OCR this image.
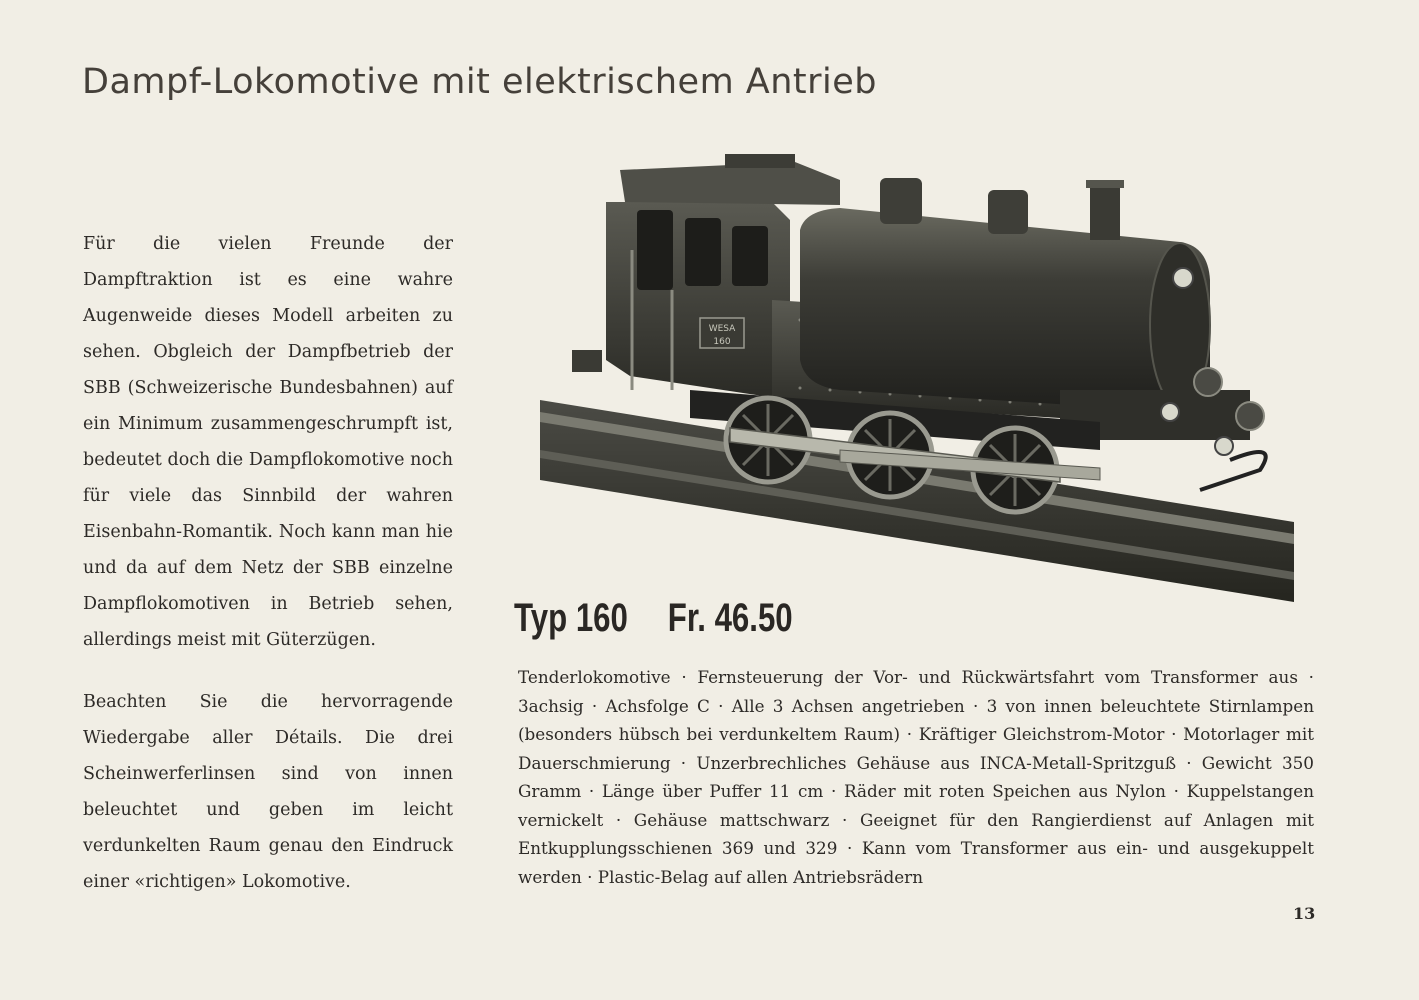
Dampf-Lokomotive mit elektrischem Antrieb

Für die vielen Freunde der Dampftraktion ist es eine wahre Augenweide dieses Modell arbeiten zu sehen. Obgleich der Dampfbetrieb der SBB (Schweizerische Bundesbahnen) auf ein Minimum zusammengeschrumpft ist, bedeutet doch die Dampflokomotive noch für viele das Sinnbild der wahren Eisenbahn-Romantik. Noch kann man hie und da auf dem Netz der SBB einzelne Dampflokomotiven in Betrieb sehen, allerdings meist mit Güterzügen.

Beachten Sie die hervorragende Wiedergabe aller Détails. Die drei Scheinwerferlinsen sind von innen beleuchtet und geben im leicht verdunkelten Raum genau den Eindruck einer «richtigen» Lokomotive.

WESA
160
Typ 160 Fr. 46.50

Tenderlokomotive · Fernsteuerung der Vor- und Rückwärtsfahrt vom Transformer aus · 3achsig · Achsfolge C · Alle 3 Achsen angetrieben · 3 von innen beleuchtete Stirnlampen (besonders hübsch bei verdunkeltem Raum) · Kräftiger Gleichstrom-Motor · Motorlager mit Dauerschmierung · Unzerbrechliches Gehäuse aus INCA-Metall-Spritzguß · Gewicht 350 Gramm · Länge über Puffer 11 cm · Räder mit roten Speichen aus Nylon · Kuppelstangen vernickelt · Gehäuse mattschwarz · Geeignet für den Rangierdienst auf Anlagen mit Entkupplungsschienen 369 und 329 · Kann vom Transformer aus ein- und ausgekuppelt werden · Plastic-Belag auf allen Antriebsrädern

13
